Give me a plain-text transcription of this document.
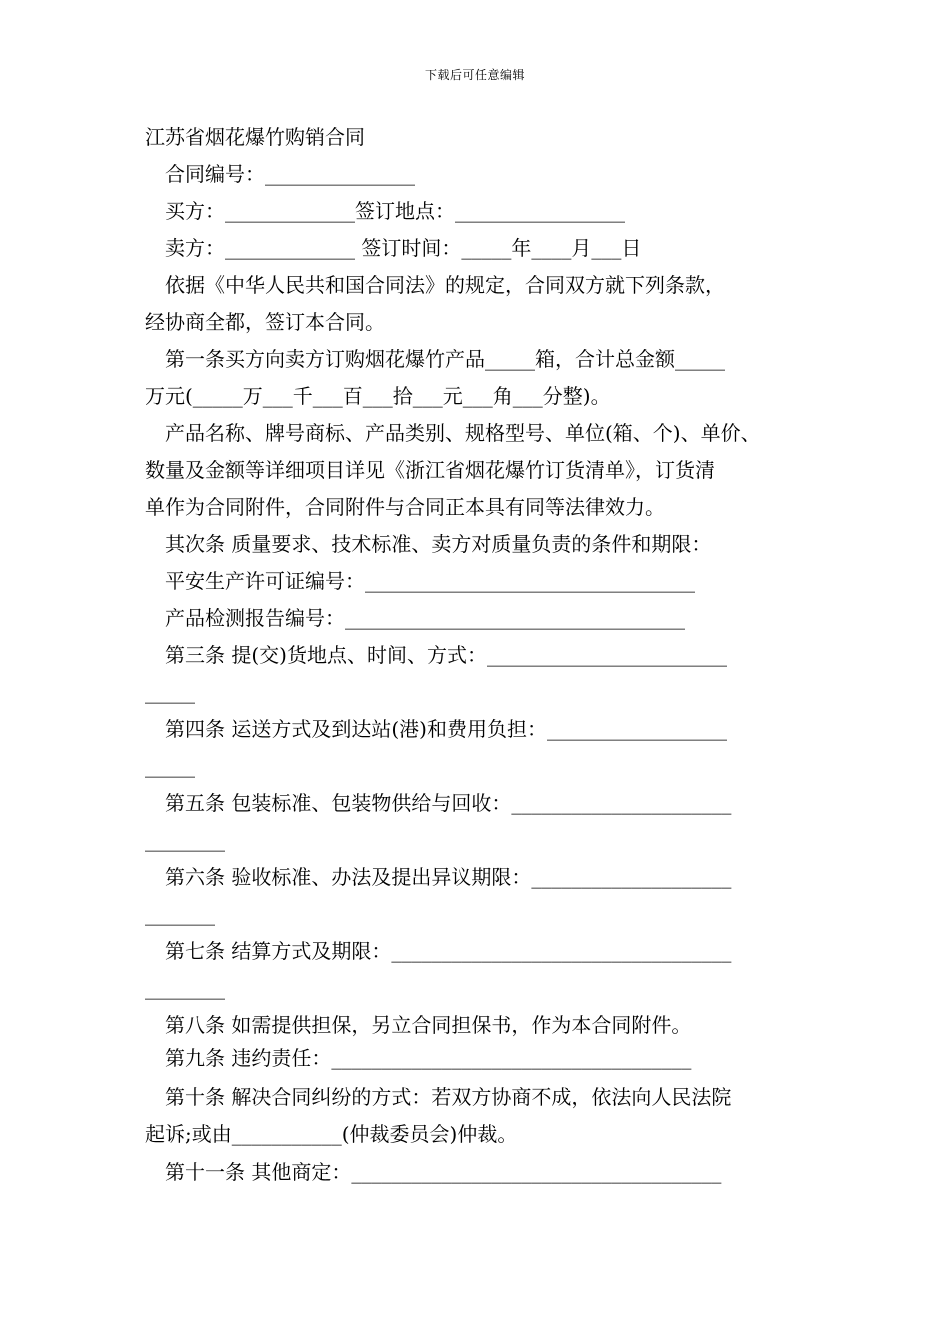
下载后可任意编辑
江苏省烟花爆竹购销合同
合同编号：_______________
买方：_____________签订地点：_________________
卖方：_____________ 签订时间：_____年____月___日
依据《中华人民共和国合同法》的规定，合同双方就下列条款，
经协商全都，签订本合同。
第一条买方向卖方订购烟花爆竹产品_____箱，合计总金额_____
万元(_____万___千___百___拾___元___角___分整)。
产品名称、牌号商标、产品类别、规格型号、单位(箱、个)、单价、
数量及金额等详细项目详见《浙江省烟花爆竹订货清单》，订货清
单作为合同附件，合同附件与合同正本具有同等法律效力。
其次条 质量要求、技术标准、卖方对质量负责的条件和期限：
平安生产许可证编号：_________________________________
产品检测报告编号：__________________________________
第三条 提(交)货地点、时间、方式：________________________
_____
第四条 运送方式及到达站(港)和费用负担：__________________
_____
第五条 包装标准、包装物供给与回收：______________________
________
第六条 验收标准、办法及提出异议期限：____________________
_______
第七条 结算方式及期限：__________________________________
________
第八条 如需提供担保，另立合同担保书，作为本合同附件。
第九条 违约责任：____________________________________
第十条 解决合同纠纷的方式：若双方协商不成，依法向人民法院
起诉;或由___________(仲裁委员会)仲裁。
第十一条 其他商定：_____________________________________
